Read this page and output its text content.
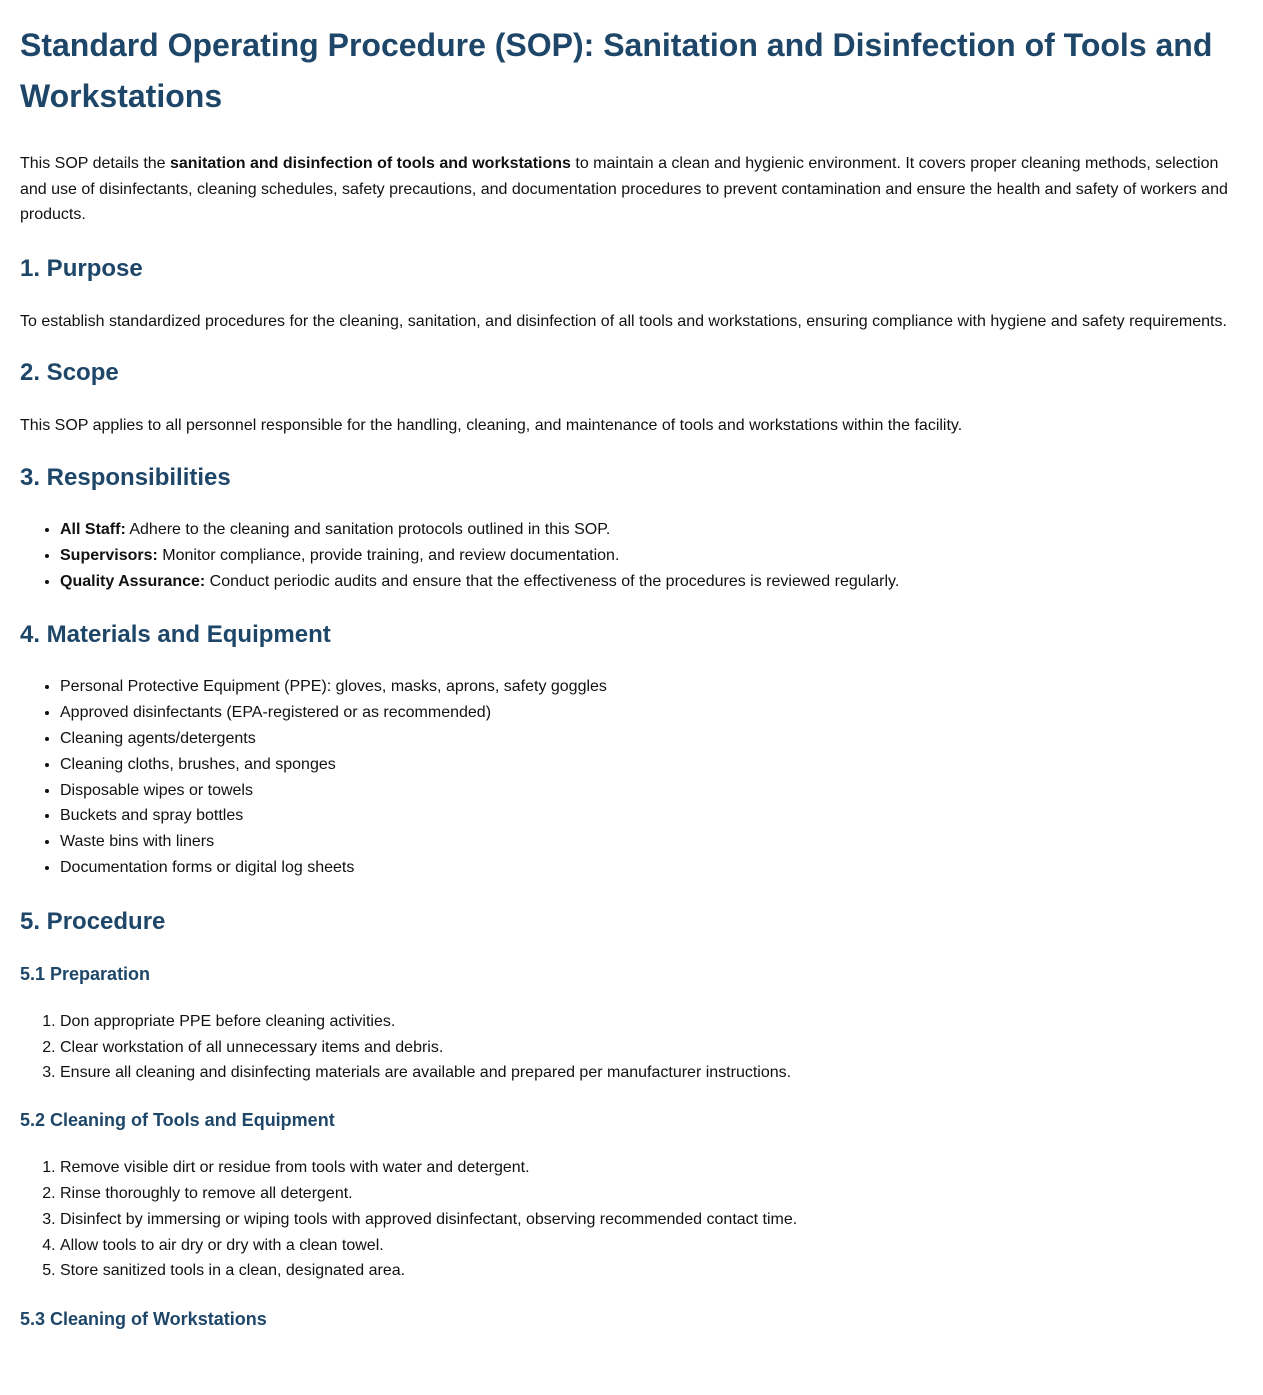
Standard Operating Procedure (SOP): Sanitation and Disinfection of Tools and Workstations

This SOP details the sanitation and disinfection of tools and workstations to maintain a clean and hygienic environment. It covers proper cleaning methods, selection and use of disinfectants, cleaning schedules, safety precautions, and documentation procedures to prevent contamination and ensure the health and safety of workers and products.

1. Purpose

To establish standardized procedures for the cleaning, sanitation, and disinfection of all tools and workstations, ensuring compliance with hygiene and safety requirements.

2. Scope

This SOP applies to all personnel responsible for the handling, cleaning, and maintenance of tools and workstations within the facility.

3. Responsibilities
• All Staff: Adhere to the cleaning and sanitation protocols outlined in this SOP.
• Supervisors: Monitor compliance, provide training, and review documentation.
• Quality Assurance: Conduct periodic audits and ensure that the effectiveness of the procedures is reviewed regularly.
4. Materials and Equipment
• Personal Protective Equipment (PPE): gloves, masks, aprons, safety goggles
• Approved disinfectants (EPA-registered or as recommended)
• Cleaning agents/detergents
• Cleaning cloths, brushes, and sponges
• Disposable wipes or towels
• Buckets and spray bottles
• Waste bins with liners
• Documentation forms or digital log sheets
5. Procedure
5.1 Preparation
1. Don appropriate PPE before cleaning activities.
2. Clear workstation of all unnecessary items and debris.
3. Ensure all cleaning and disinfecting materials are available and prepared per manufacturer instructions.
5.2 Cleaning of Tools and Equipment
1. Remove visible dirt or residue from tools with water and detergent.
2. Rinse thoroughly to remove all detergent.
3. Disinfect by immersing or wiping tools with approved disinfectant, observing recommended contact time.
4. Allow tools to air dry or dry with a clean towel.
5. Store sanitized tools in a clean, designated area.
5.3 Cleaning of Workstations
